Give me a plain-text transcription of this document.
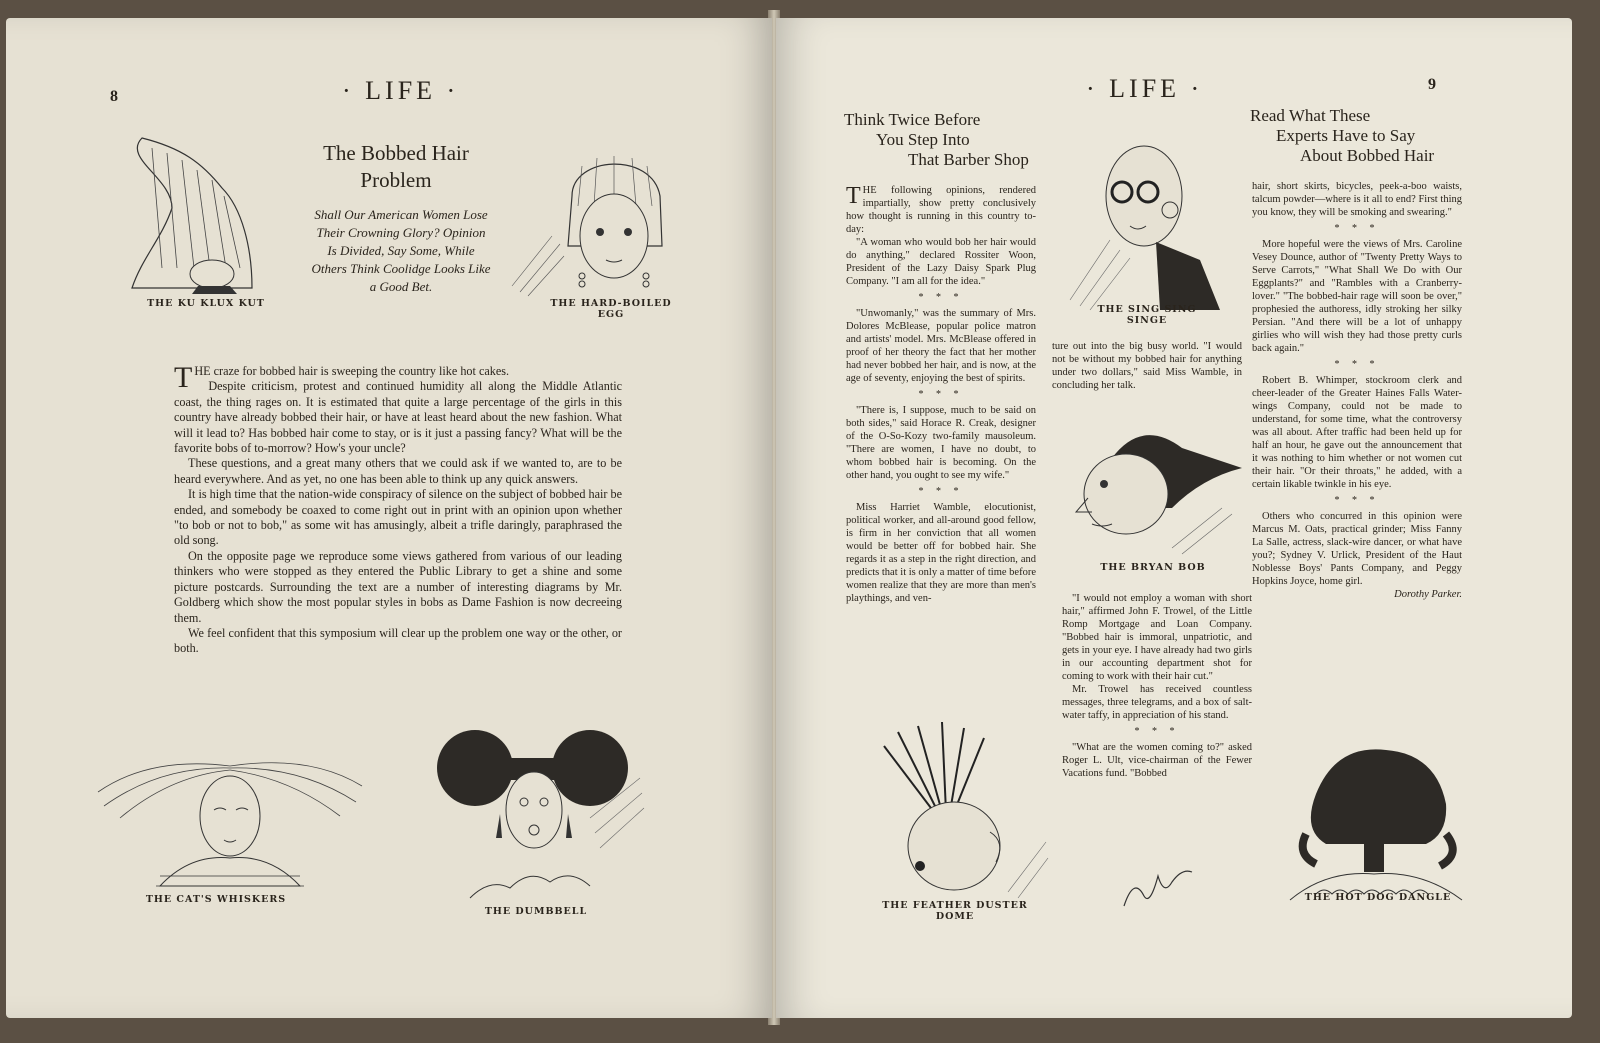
8	· LIFE ·
THE KU KLUX KUT
The Bobbed Hair Problem
Shall Our American Women Lose Their Crowning Glory? Opinion Is Divided, Say Some, While Others Think Coolidge Looks Like a Good Bet.
THE HARD-BOILED EGG

THE craze for bobbed hair is sweeping the country like hot cakes.

Despite criticism, protest and continued humidity all along the Middle Atlantic coast, the thing rages on. It is estimated that quite a large percentage of the girls in this country have already bobbed their hair, or have at least heard about the new fashion. What will it lead to? Has bobbed hair come to stay, or is it just a passing fancy? What will be the favorite bobs of to-morrow? How's your uncle?

These questions, and a great many others that we could ask if we wanted to, are to be heard everywhere. And as yet, no one has been able to think up any quick answers.

It is high time that the nation-wide conspiracy of silence on the subject of bobbed hair be ended, and somebody be coaxed to come right out in print with an opinion upon whether "to bob or not to bob," as some wit has amusingly, albeit a trifle daringly, paraphrased the old song.

On the opposite page we reproduce some views gathered from various of our leading thinkers who were stopped as they entered the Public Library to get a shine and some picture postcards. Surrounding the text are a number of interesting diagrams by Mr. Goldberg which show the most popular styles in bobs as Dame Fashion is now decreeing them.

We feel confident that this symposium will clear up the problem one way or the other, or both.

THE CAT'S WHISKERS
THE DUMBBELL
· LIFE ·	9
Think Twice Before
You Step Into
That Barber Shop
Read What These
Experts Have to Say
About Bobbed Hair

THE following opinions, rendered impartially, show pretty conclusively how thought is running in this country to-day:

"A woman who would bob her hair would do anything," declared Rossiter Woon, President of the Lazy Daisy Spark Plug Company. "I am all for the idea."

* * *

"Unwomanly," was the summary of Mrs. Dolores McBlease, popular police matron and artists' model. Mrs. McBlease offered in proof of her theory the fact that her mother had never bobbed her hair, and is now, at the age of seventy, enjoying the best of spirits.

* * *

"There is, I suppose, much to be said on both sides," said Horace R. Creak, designer of the O-So-Kozy two-family mausoleum. "There are women, I have no doubt, to whom bobbed hair is becoming. On the other hand, you ought to see my wife."

* * *

Miss Harriet Wamble, elocutionist, political worker, and all-around good fellow, is firm in her conviction that all women would be better off for bobbed hair. She regards it as a step in the right direction, and predicts that it is only a matter of time before women realize that they are more than men's playthings, and ven-

THE SING SING SINGE

ture out into the big busy world. "I would not be without my bobbed hair for anything under two dollars," said Miss Wamble, in concluding her talk.

THE BRYAN BOB

"I would not employ a woman with short hair," affirmed John F. Trowel, of the Little Romp Mortgage and Loan Company. "Bobbed hair is immoral, unpatriotic, and gets in your eye. I have already had two girls in our accounting department shot for coming to work with their hair cut."

Mr. Trowel has received countless messages, three telegrams, and a box of salt-water taffy, in appreciation of his stand.

* * *

"What are the women coming to?" asked Roger L. Ult, vice-chairman of the Fewer Vacations fund. "Bobbed

hair, short skirts, bicycles, peek-a-boo waists, talcum powder—where is it all to end? First thing you know, they will be smoking and swearing."

* * *

More hopeful were the views of Mrs. Caroline Vesey Dounce, author of "Twenty Pretty Ways to Serve Carrots," "What Shall We Do with Our Eggplants?" and "Rambles with a Cranberry-lover." "The bobbed-hair rage will soon be over," prophesied the authoress, idly stroking her silky Persian. "And there will be a lot of unhappy girlies who will wish they had those pretty curls back again."

* * *

Robert B. Whimper, stockroom clerk and cheer-leader of the Greater Haines Falls Water-wings Company, could not be made to understand, for some time, what the controversy was all about. After traffic had been held up for half an hour, he gave out the announcement that it was nothing to him whether or not women cut their hair. "Or their throats," he added, with a certain likable twinkle in his eye.

* * *

Others who concurred in this opinion were Marcus M. Oats, practical grinder; Miss Fanny La Salle, actress, slack-wire dancer, or what have you?; Sydney V. Urlick, President of the Haut Noblesse Boys' Pants Company, and Peggy Hopkins Joyce, home girl.

Dorothy Parker.
THE FEATHER DUSTER DOME
THE HOT DOG DANGLE
